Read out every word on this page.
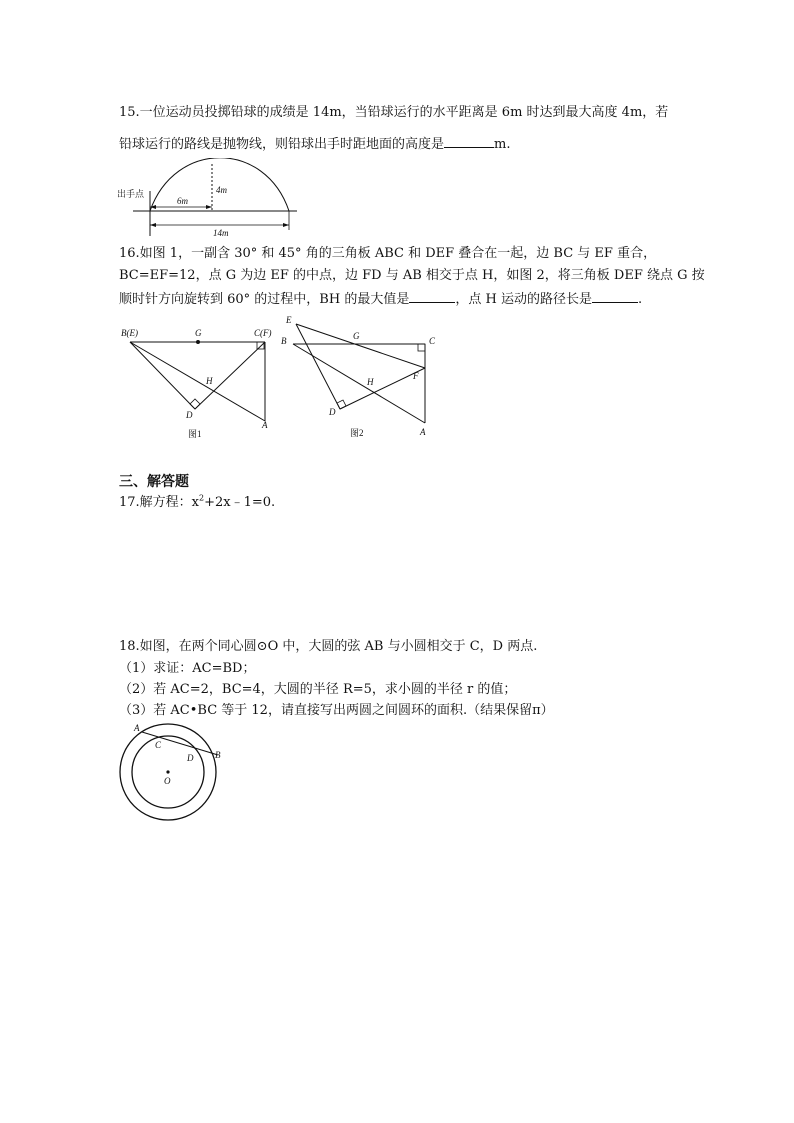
15.一位运动员投掷铅球的成绩是 14m，当铅球运行的水平距离是 6m 时达到最大高度 4m，若
铅球运行的路线是抛物线，则铅球出手时距地面的高度是	m.
出手点
6m
4m
14m
16.如图 1，一副含 30° 和 45° 角的三角板 ABC 和 DEF 叠合在一起，边 BC 与 EF 重合，
BC=EF=12，点 G 为边 EF 的中点，边 FD 与 AB 相交于点 H，如图 2，将三角板 DEF 绕点 G 按
顺时针方向旋转到 60° 的过程中，BH 的最大值是	，点 H 运动的路径长是	.
B(E)	G	C(F)
H
D
A
图1
E
B	G	C
H
F
D
A
图2
三、解答题
17.解方程：$x^2+2x﹣1=0$.
18.如图，在两个同心圆⊙O 中，大圆的弦 AB 与小圆相交于 C，D 两点.
（1）求证：AC=BD；
（2）若 AC=2，BC=4，大圆的半径 R=5，求小圆的半径 r 的值；
（3）若 AC•BC 等于 12，请直接写出两圆之间圆环的面积.（结果保留π）
A
C
D B
O
